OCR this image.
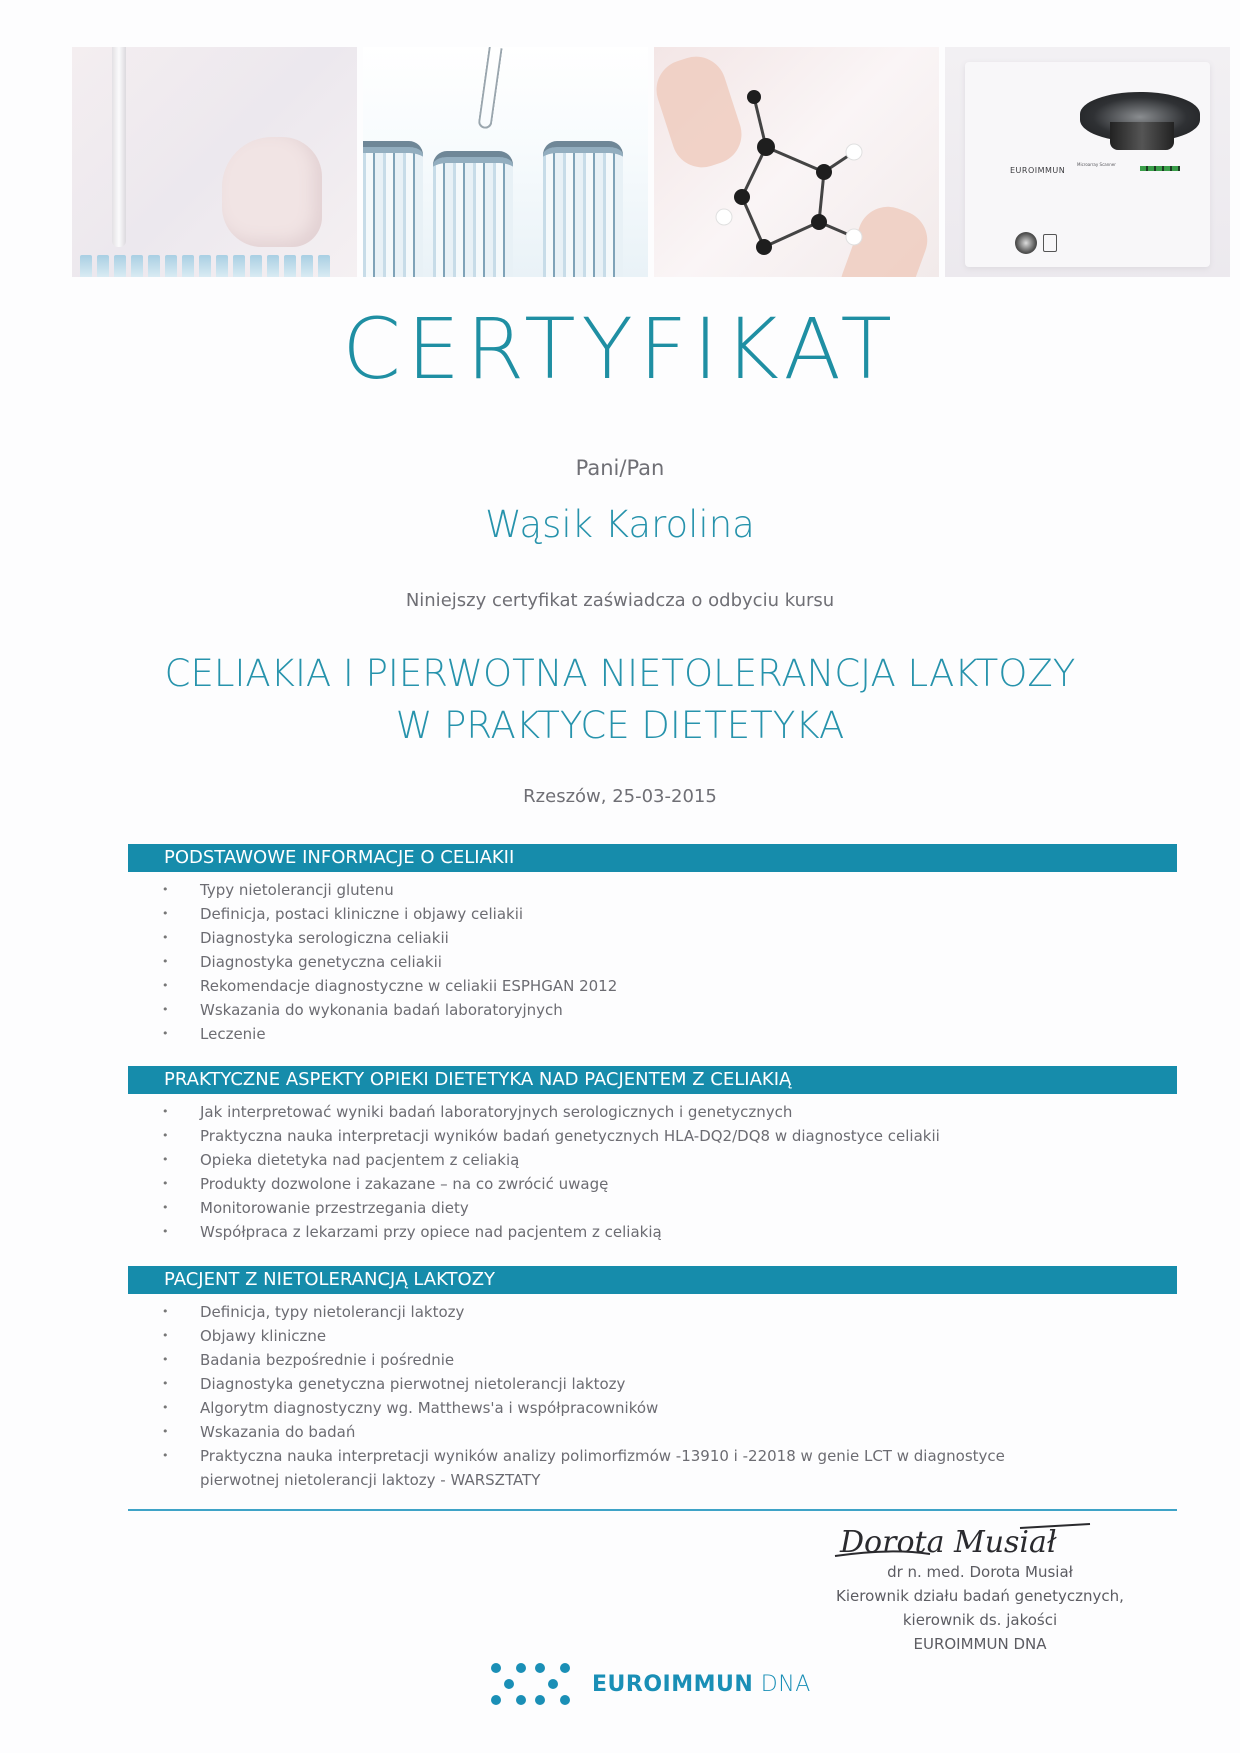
EUROIMMUN
Microarray Scanner
CERTYFIKAT
Pani/Pan
Wąsik Karolina
Niniejszy certyfikat zaświadcza o odbyciu kursu
CELIAKIA I PIERWOTNA NIETOLERANCJA LAKTOZY
W PRAKTYCE DIETETYKA
Rzeszów, 25-03-2015
PODSTAWOWE INFORMACJE O CELIAKII
• Typy nietolerancji glutenu
• Definicja, postaci kliniczne i objawy celiakii
• Diagnostyka serologiczna celiakii
• Diagnostyka genetyczna celiakii
• Rekomendacje diagnostyczne w celiakii ESPHGAN 2012
• Wskazania do wykonania badań laboratoryjnych
• Leczenie
PRAKTYCZNE ASPEKTY OPIEKI DIETETYKA NAD PACJENTEM Z CELIAKIĄ
• Jak interpretować wyniki badań laboratoryjnych serologicznych i genetycznych
• Praktyczna nauka interpretacji wyników badań genetycznych HLA-DQ2/DQ8 w diagnostyce celiakii
• Opieka dietetyka nad pacjentem z celiakią
• Produkty dozwolone i zakazane – na co zwrócić uwagę
• Monitorowanie przestrzegania diety
• Współpraca z lekarzami przy opiece nad pacjentem z celiakią
PACJENT Z NIETOLERANCJĄ LAKTOZY
• Definicja, typy nietolerancji laktozy
• Objawy kliniczne
• Badania bezpośrednie i pośrednie
• Diagnostyka genetyczna pierwotnej nietolerancji laktozy
• Algorytm diagnostyczny wg. Matthews'a i współpracowników
• Wskazania do badań
• Praktyczna nauka interpretacji wyników analizy polimorfizmów -13910 i -22018 w genie LCT w diagnostyce pierwotnej nietolerancji laktozy - WARSZTATY
Dorota Musiał
dr n. med. Dorota Musiał
Kierownik działu badań genetycznych,
kierownik ds. jakości
EUROIMMUN DNA
EUROIMMUN DNA
